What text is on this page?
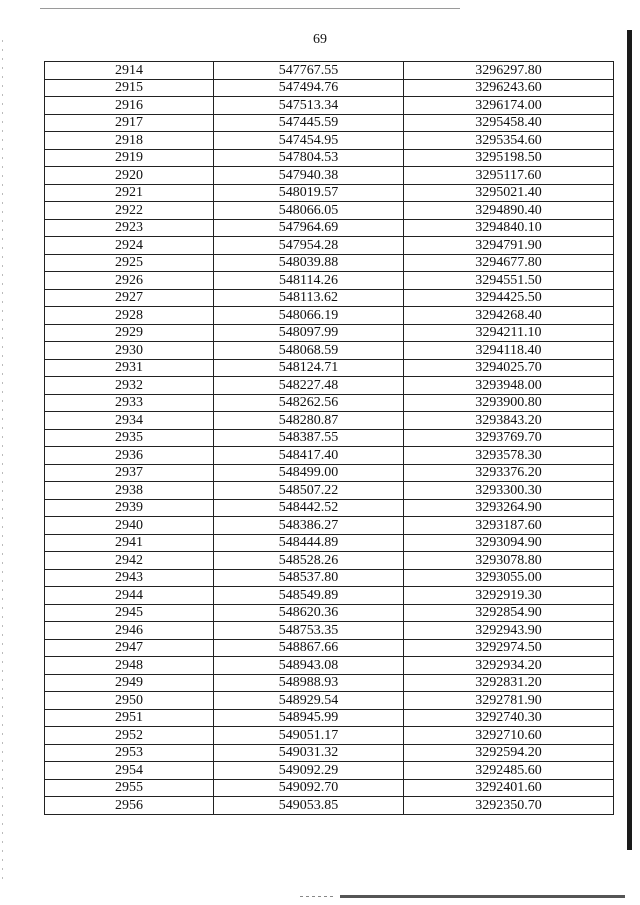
69
2914	547767.55	3296297.80
2915	547494.76	3296243.60
2916	547513.34	3296174.00
2917	547445.59	3295458.40
2918	547454.95	3295354.60
2919	547804.53	3295198.50
2920	547940.38	3295117.60
2921	548019.57	3295021.40
2922	548066.05	3294890.40
2923	547964.69	3294840.10
2924	547954.28	3294791.90
2925	548039.88	3294677.80
2926	548114.26	3294551.50
2927	548113.62	3294425.50
2928	548066.19	3294268.40
2929	548097.99	3294211.10
2930	548068.59	3294118.40
2931	548124.71	3294025.70
2932	548227.48	3293948.00
2933	548262.56	3293900.80
2934	548280.87	3293843.20
2935	548387.55	3293769.70
2936	548417.40	3293578.30
2937	548499.00	3293376.20
2938	548507.22	3293300.30
2939	548442.52	3293264.90
2940	548386.27	3293187.60
2941	548444.89	3293094.90
2942	548528.26	3293078.80
2943	548537.80	3293055.00
2944	548549.89	3292919.30
2945	548620.36	3292854.90
2946	548753.35	3292943.90
2947	548867.66	3292974.50
2948	548943.08	3292934.20
2949	548988.93	3292831.20
2950	548929.54	3292781.90
2951	548945.99	3292740.30
2952	549051.17	3292710.60
2953	549031.32	3292594.20
2954	549092.29	3292485.60
2955	549092.70	3292401.60
2956	549053.85	3292350.70
